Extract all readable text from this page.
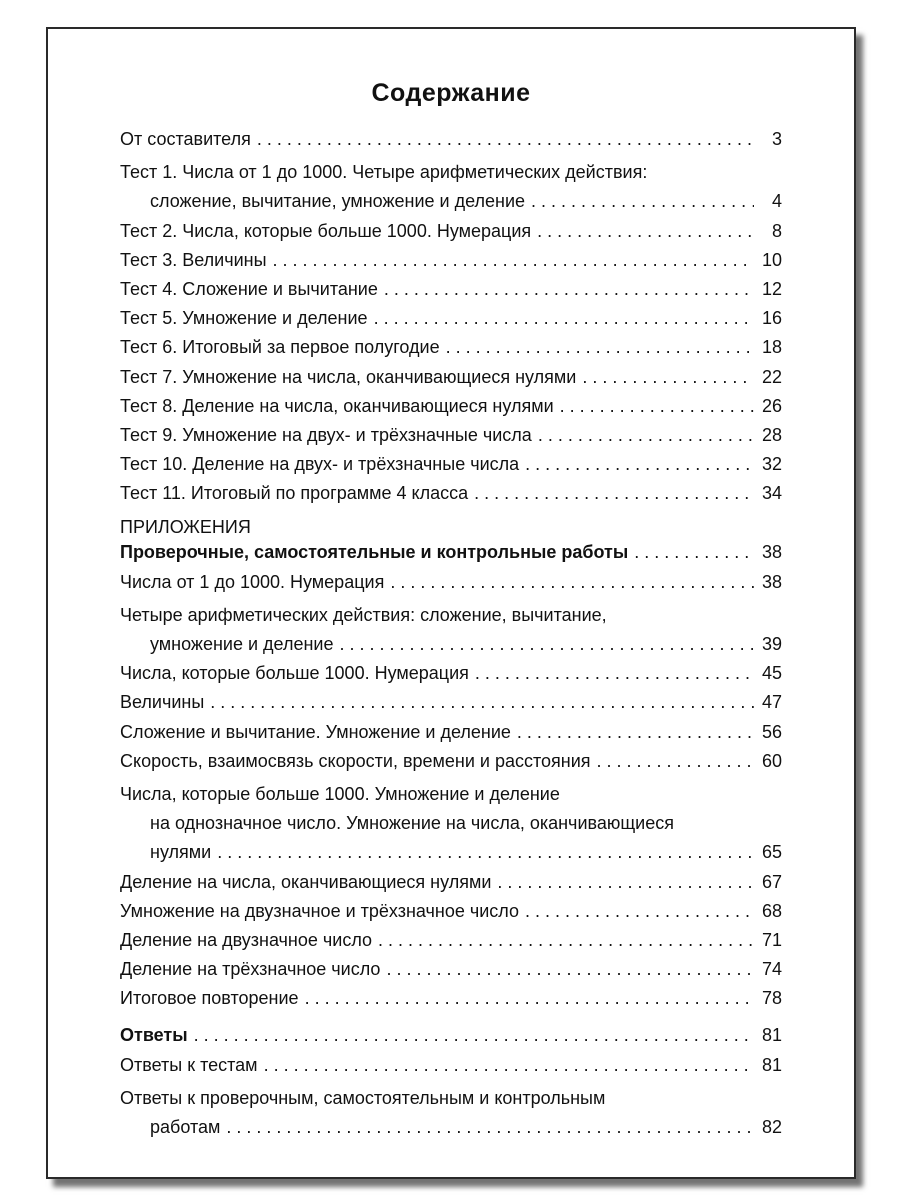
Содержание
От составителя . . .	3
Тест 1. Числа от 1 до 1000. Четыре арифметических действия:
сложение, вычитание, умножение и деление . . .	4
Тест 2. Числа, которые больше 1000. Нумерация . . .	8
Тест 3. Величины . . .	10
Тест 4. Сложение и вычитание . . .	12
Тест 5. Умножение и деление . . .	16
Тест 6. Итоговый за первое полугодие . . .	18
Тест 7. Умножение на числа, оканчивающиеся нулями . . .	22
Тест 8. Деление на числа, оканчивающиеся нулями . . .	26
Тест 9. Умножение на двух- и трёхзначные числа . . .	28
Тест 10. Деление на двух- и трёхзначные числа . . .	32
Тест 11. Итоговый по программе 4 класса . . .	34
ПРИЛОЖЕНИЯ
Проверочные, самостоятельные и контрольные работы . . .	38
Числа от 1 до 1000. Нумерация . . .	38
Четыре арифметических действия: сложение, вычитание,
умножение и деление . . .	39
Числа, которые больше 1000. Нумерация . . .	45
Величины . . .	47
Сложение и вычитание. Умножение и деление . . .	56
Скорость, взаимосвязь скорости, времени и расстояния . . .	60
Числа, которые больше 1000. Умножение и деление
на однозначное число. Умножение на числа, оканчивающиеся
нулями . . .	65
Деление на числа, оканчивающиеся нулями . . .	67
Умножение на двузначное и трёхзначное число . . .	68
Деление на двузначное число . . .	71
Деление на трёхзначное число . . .	74
Итоговое повторение . . .	78
Ответы . . .	81
Ответы к тестам . . .	81
Ответы к проверочным, самостоятельным и контрольным
работам . . .	82
